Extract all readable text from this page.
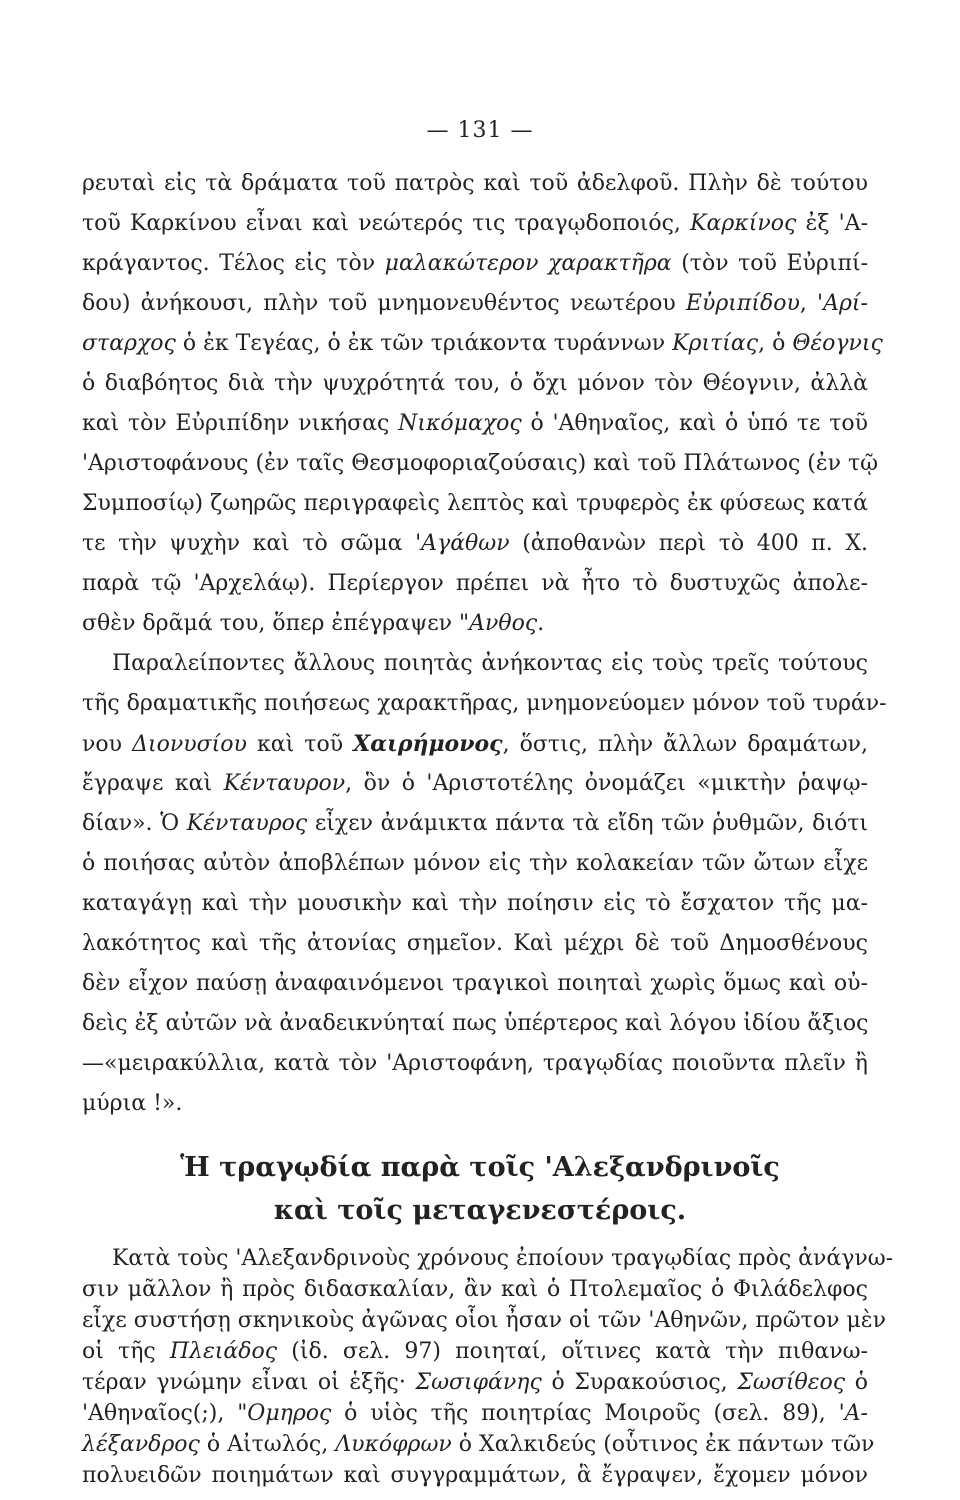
— 131 —
ρευταὶ εἰς τὰ δράματα τοῦ πατρὸς καὶ τοῦ ἀδελφοῦ. Πλὴν δὲ τούτου
τοῦ Καρκίνου εἶναι καὶ νεώτερός τις τραγῳδοποιός, Καρκίνος ἐξ 'Α-
κράγαντος. Τέλος εἰς τὸν μαλακώτερον χαρακτῆρα (τὸν τοῦ Εὐριπί-
δου) ἀνήκουσι, πλὴν τοῦ μνημονευθέντος νεωτέρου Εὐριπίδου, 'Αρί-
σταρχος ὁ ἐκ Τεγέας, ὁ ἐκ τῶν τριάκοντα τυράννων Κριτίας, ὁ Θέογνις
ὁ διαβόητος διὰ τὴν ψυχρότητά του, ὁ ὄχι μόνον τὸν Θέογνιν, ἀλλὰ
καὶ τὸν Εὐριπίδην νικήσας Νικόμαχος ὁ 'Αθηναῖος, καὶ ὁ ὑπό τε τοῦ
'Αριστοφάνους (ἐν ταῖς Θεσμοφοριαζούσαις) καὶ τοῦ Πλάτωνος (ἐν τῷ
Συμποσίῳ) ζωηρῶς περιγραφεὶς λεπτὸς καὶ τρυφερὸς ἐκ φύσεως κατά
τε τὴν ψυχὴν καὶ τὸ σῶμα 'Αγάθων (ἀποθανὼν περὶ τὸ 400 π. Χ.
παρὰ τῷ 'Αρχελάῳ). Περίεργον πρέπει νὰ ἦτο τὸ δυστυχῶς ἀπολε-
σθὲν δρᾶμά του, ὅπερ ἐπέγραψεν "Ανθος.
Παραλείποντες ἄλλους ποιητὰς ἀνήκοντας εἰς τοὺς τρεῖς τούτους
τῆς δραματικῆς ποιήσεως χαρακτῆρας, μνημονεύομεν μόνον τοῦ τυράν-
νου Διονυσίου καὶ τοῦ Χαιρήμονος, ὅστις, πλὴν ἄλλων δραμάτων,
ἔγραψε καὶ Κένταυρον, ὃν ὁ 'Αριστοτέλης ὀνομάζει «μικτὴν ῥαψῳ-
δίαν». Ὁ Κένταυρος εἶχεν ἀνάμικτα πάντα τὰ εἴδη τῶν ῥυθμῶν, διότι
ὁ ποιήσας αὐτὸν ἀποβλέπων μόνον εἰς τὴν κολακείαν τῶν ὤτων εἶχε
καταγάγῃ καὶ τὴν μουσικὴν καὶ τὴν ποίησιν εἰς τὸ ἔσχατον τῆς μα-
λακότητος καὶ τῆς ἀτονίας σημεῖον. Καὶ μέχρι δὲ τοῦ Δημοσθένους
δὲν εἶχον παύσῃ ἀναφαινόμενοι τραγικοὶ ποιηταὶ χωρὶς ὅμως καὶ οὐ-
δεὶς ἐξ αὐτῶν νὰ ἀναδεικνύηταί πως ὑπέρτερος καὶ λόγου ἰδίου ἄξιος
—«μειρακύλλια, κατὰ τὸν 'Αριστοφάνη, τραγῳδίας ποιοῦντα πλεῖν ἢ
μύρια !».
Ἡ τραγῳδία παρὰ τοῖς 'Αλεξανδρινοῖς
καὶ τοῖς μεταγενεστέροις.
Κατὰ τοὺς 'Αλεξανδρινοὺς χρόνους ἐποίουν τραγῳδίας πρὸς ἀνάγνω-
σιν μᾶλλον ἢ πρὸς διδασκαλίαν, ἂν καὶ ὁ Πτολεμαῖος ὁ Φιλάδελφος
εἶχε συστήσῃ σκηνικοὺς ἀγῶνας οἷοι ἦσαν οἱ τῶν 'Αθηνῶν, πρῶτον μὲν
οἱ τῆς Πλειάδος (ἰδ. σελ. 97) ποιηταί, οἵτινες κατὰ τὴν πιθανω-
τέραν γνώμην εἶναι οἱ ἑξῆς· Σωσιφάνης ὁ Συρακούσιος, Σωσίθεος ὁ
'Αθηναῖος(;), "Ομηρος ὁ υἱὸς τῆς ποιητρίας Μοιροῦς (σελ. 89), 'Α-
λέξανδρος ὁ Αἰτωλός, Λυκόφρων ὁ Χαλκιδεύς (οὗτινος ἐκ πάντων τῶν
πολυειδῶν ποιημάτων καὶ συγγραμμάτων, ἃ ἔγραψεν, ἔχομεν μόνον
